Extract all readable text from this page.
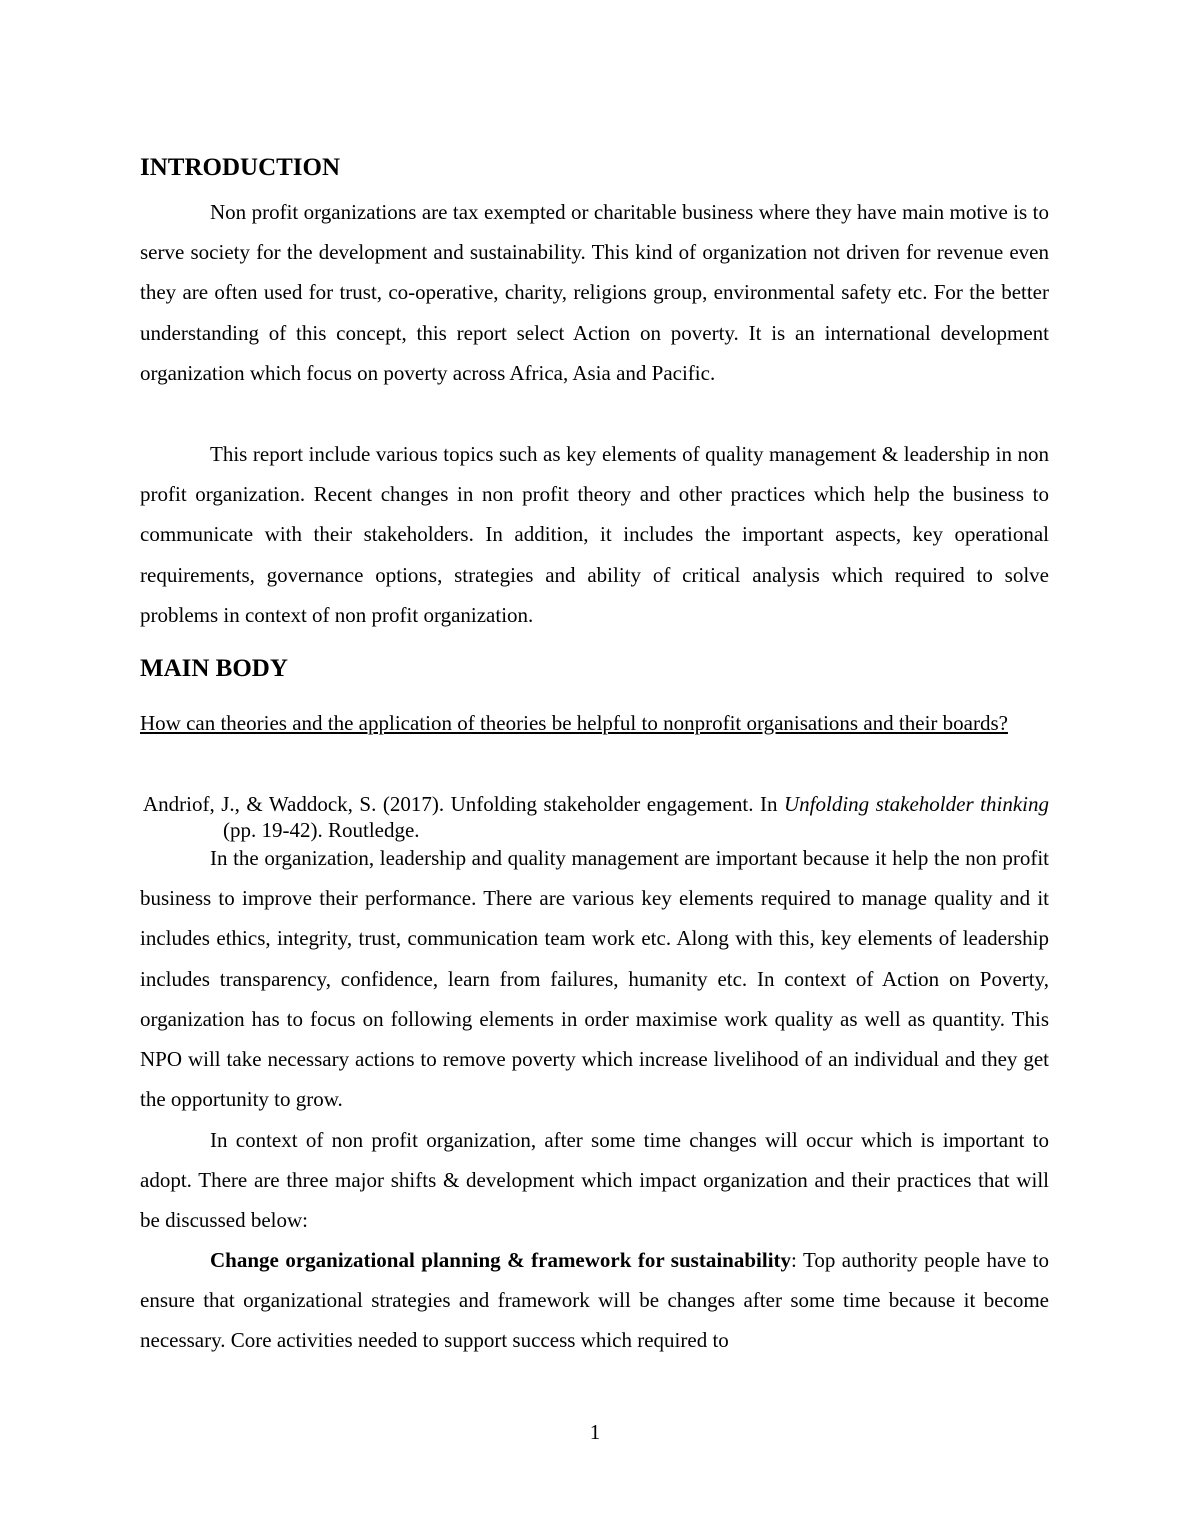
INTRODUCTION
Non profit organizations are tax exempted or charitable business where they have main motive is to serve society for the development and sustainability. This kind of organization not driven for revenue even they are often used for trust, co-operative, charity, religions group, environmental safety etc. For the better understanding of this concept, this report select Action on poverty. It is an international development organization which focus on poverty across Africa, Asia and Pacific.
This report include various topics such as key elements of quality management & leadership in non profit organization. Recent changes in non profit theory and other practices which help the business to communicate with their stakeholders. In addition, it includes the important aspects, key operational requirements, governance options, strategies and ability of critical analysis which required to solve problems in context of non profit organization.
MAIN BODY
How can theories and the application of theories be helpful to nonprofit organisations and their boards?
Andriof, J., & Waddock, S. (2017). Unfolding stakeholder engagement. In Unfolding stakeholder thinking (pp. 19-42). Routledge.
In the organization, leadership and quality management are important because it help the non profit business to improve their performance. There are various key elements required to manage quality and it includes ethics, integrity, trust, communication team work etc. Along with this, key elements of leadership includes transparency, confidence, learn from failures, humanity etc. In context of Action on Poverty, organization has to focus on following elements in order maximise work quality as well as quantity. This NPO will take necessary actions to remove poverty which increase livelihood of an individual and they get the opportunity to grow.
In context of non profit organization, after some time changes will occur which is important to adopt. There are three major shifts & development which impact organization and their practices that will be discussed below:
Change organizational planning & framework for sustainability: Top authority people have to ensure that organizational strategies and framework will be changes after some time because it become necessary. Core activities needed to support success which required to
1
